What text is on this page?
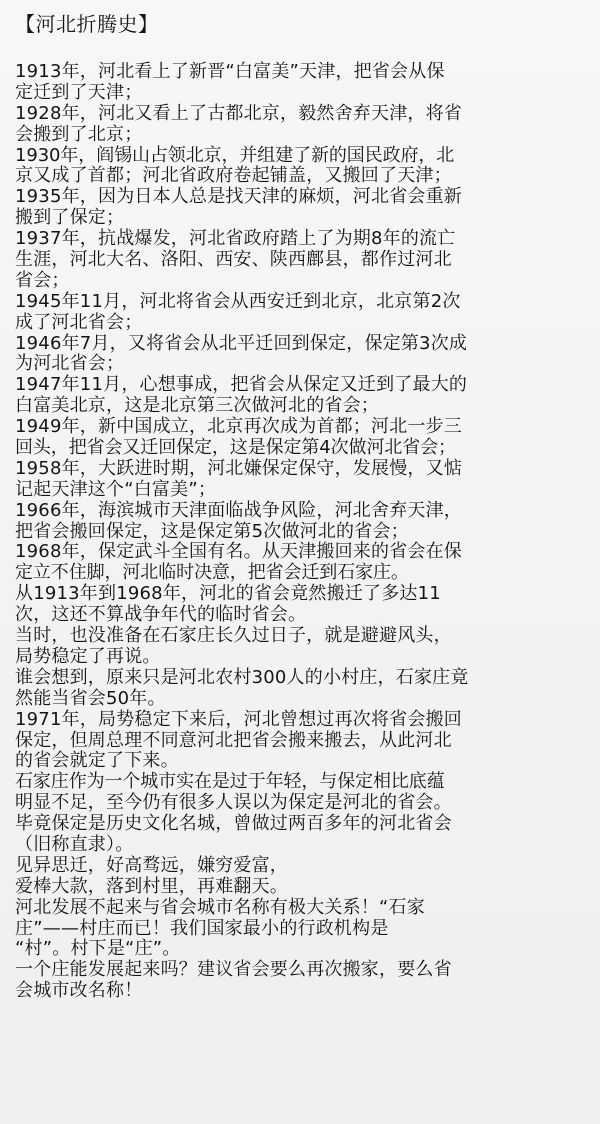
【河北折腾史】
1913年，河北看上了新晋“白富美”天津，把省会从保
定迁到了天津；
1928年，河北又看上了古都北京，毅然舍弃天津，将省
会搬到了北京；
1930年，阎锡山占领北京，并组建了新的国民政府，北
京又成了首都；河北省政府卷起铺盖，又搬回了天津；
1935年，因为日本人总是找天津的麻烦，河北省会重新
搬到了保定；
1937年，抗战爆发，河北省政府踏上了为期8年的流亡
生涯，河北大名、洛阳、西安、陕西鄜县，都作过河北
省会；
1945年11月，河北将省会从西安迁到北京，北京第2次
成了河北省会；
1946年7月，又将省会从北平迁回到保定，保定第3次成
为河北省会；
1947年11月，心想事成，把省会从保定又迁到了最大的
白富美北京，这是北京第三次做河北的省会；
1949年，新中国成立，北京再次成为首都；河北一步三
回头，把省会又迁回保定，这是保定第4次做河北省会；
1958年，大跃进时期，河北嫌保定保守，发展慢，又惦
记起天津这个“白富美”；
1966年，海滨城市天津面临战争风险，河北舍弃天津，
把省会搬回保定，这是保定第5次做河北的省会；
1968年，保定武斗全国有名。从天津搬回来的省会在保
定立不住脚，河北临时决意，把省会迁到石家庄。
从1913年到1968年，河北的省会竟然搬迁了多达11
次，这还不算战争年代的临时省会。
当时，也没准备在石家庄长久过日子，就是避避风头，
局势稳定了再说。
谁会想到，原来只是河北农村300人的小村庄，石家庄竟
然能当省会50年。
1971年，局势稳定下来后，河北曾想过再次将省会搬回
保定，但周总理不同意河北把省会搬来搬去，从此河北
的省会就定了下来。
石家庄作为一个城市实在是过于年轻，与保定相比底蕴
明显不足，至今仍有很多人误以为保定是河北的省会。
毕竟保定是历史文化名城，曾做过两百多年的河北省会
（旧称直隶）。
见异思迁，好高骛远，嫌穷爱富，
爱棒大款，落到村里，再难翻天。
河北发展不起来与省会城市名称有极大关系！“石家
庄”——村庄而已！我们国家最小的行政机构是
“村”。村下是“庄”。
一个庄能发展起来吗？建议省会要么再次搬家，要么省
会城市改名称！
